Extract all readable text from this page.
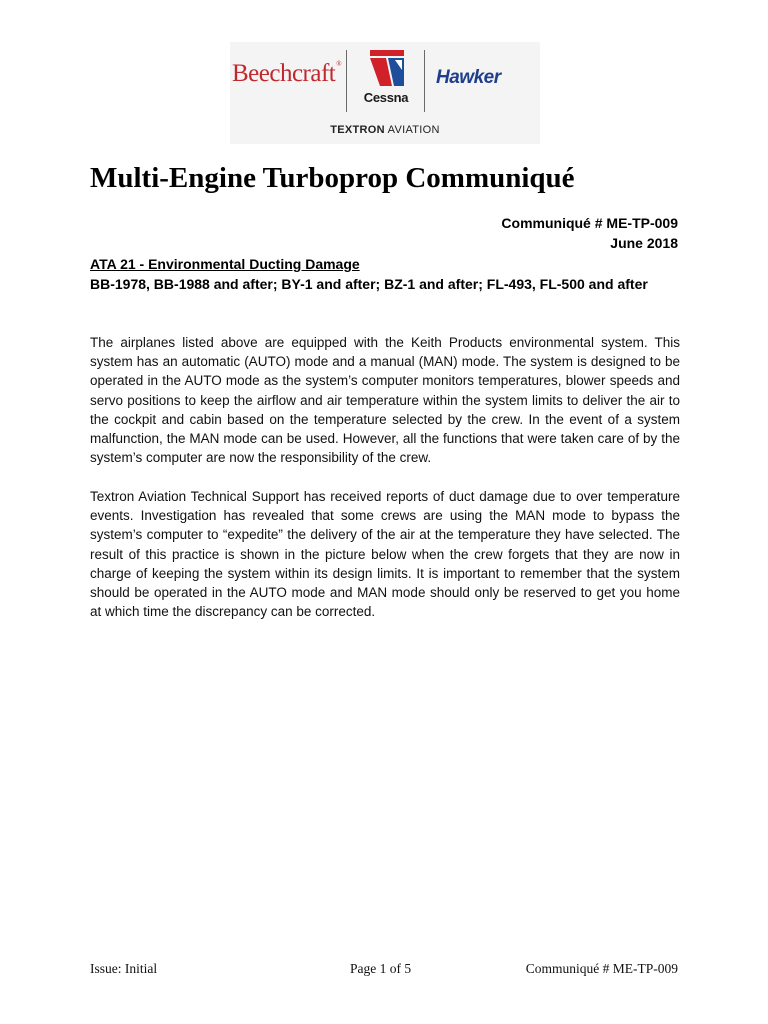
Beechcraft®
Cessna
Hawker
TEXTRON AVIATION
Multi-Engine Turboprop Communiqué
Communiqué # ME-TP-009
June 2018
ATA 21 - Environmental Ducting Damage
BB-1978, BB-1988 and after; BY-1 and after; BZ-1 and after; FL-493, FL-500 and after

The airplanes listed above are equipped with the Keith Products environmental system. This system has an automatic (AUTO) mode and a manual (MAN) mode. The system is designed to be operated in the AUTO mode as the system’s computer monitors temperatures, blower speeds and servo positions to keep the airflow and air temperature within the system limits to deliver the air to the cockpit and cabin based on the temperature selected by the crew. In the event of a system malfunction, the MAN mode can be used. However, all the functions that were taken care of by the system’s computer are now the responsibility of the crew.

Textron Aviation Technical Support has received reports of duct damage due to over temperature events. Investigation has revealed that some crews are using the MAN mode to bypass the system’s computer to “expedite” the delivery of the air at the temperature they have selected. The result of this practice is shown in the picture below when the crew forgets that they are now in charge of keeping the system within its design limits. It is important to remember that the system should be operated in the AUTO mode and MAN mode should only be reserved to get you home at which time the discrepancy can be corrected.

Issue: Initial	Page 1 of 5	Communiqué # ME-TP-009
